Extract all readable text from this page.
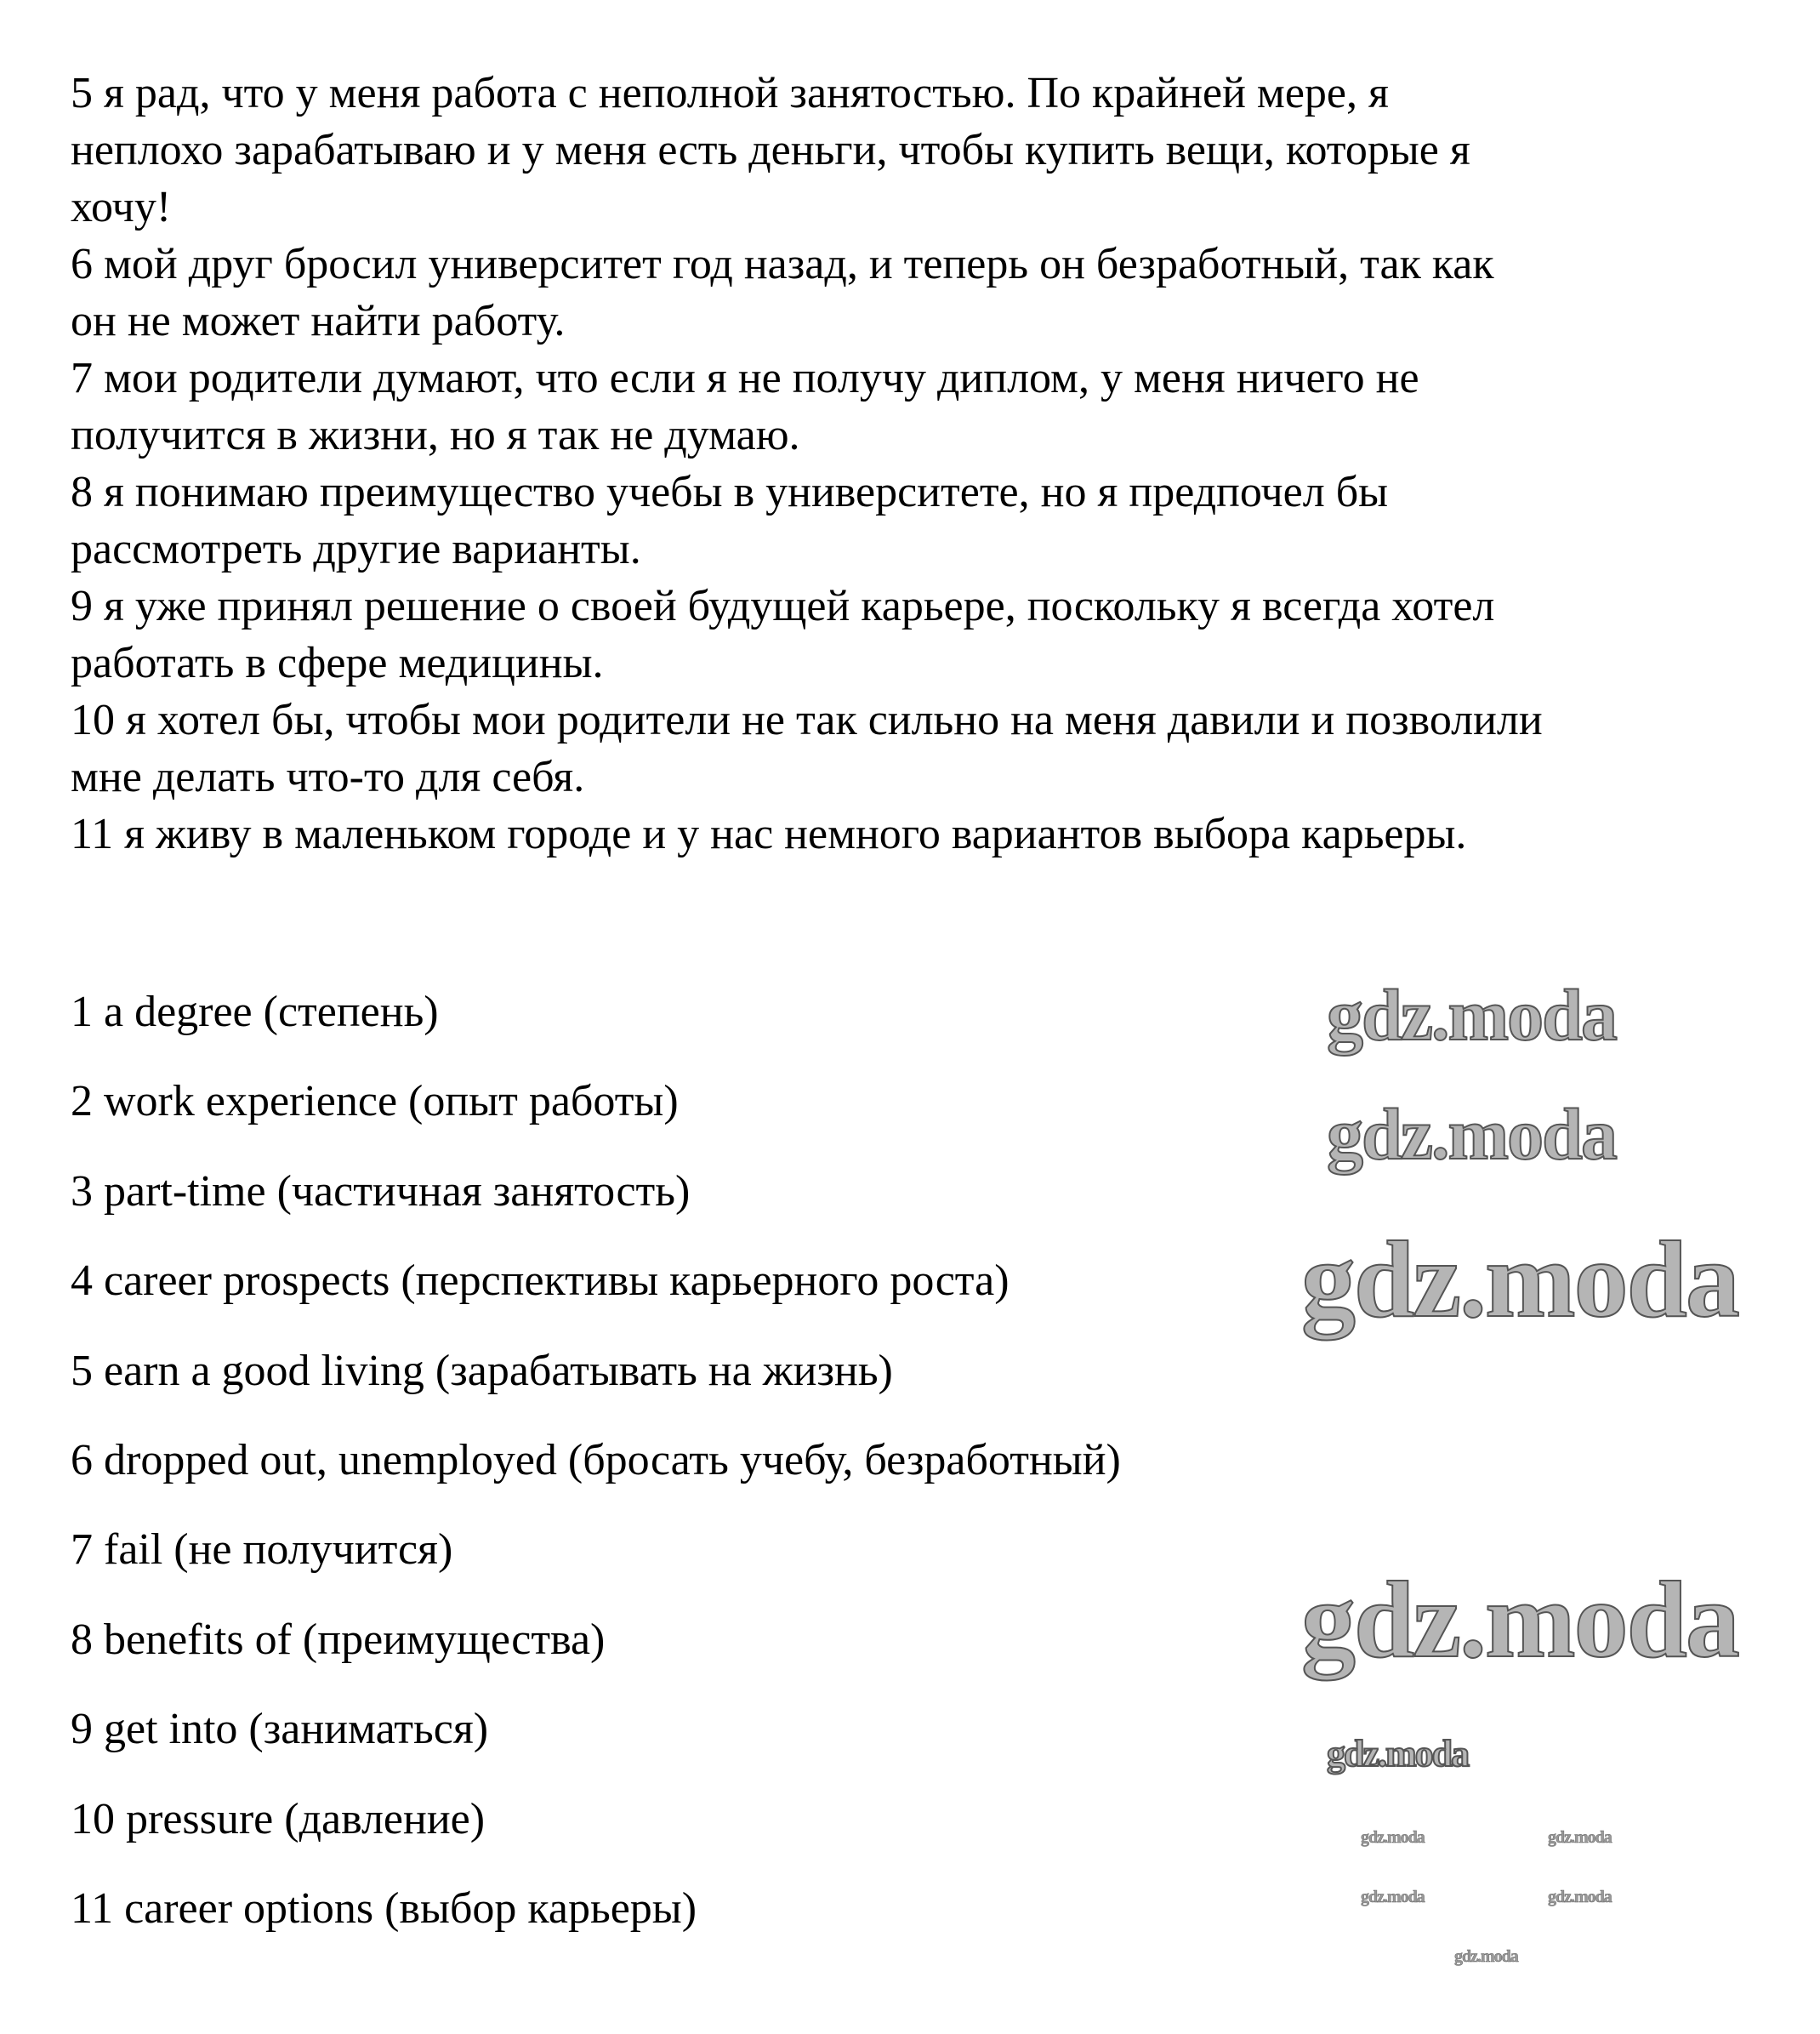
5 я рад, что у меня работа с неполной занятостью. По крайней мере, я
неплохо зарабатываю и у меня есть деньги, чтобы купить вещи, которые я
хочу!
6 мой друг бросил университет год назад, и теперь он безработный, так как
он не может найти работу.
7 мои родители думают, что если я не получу диплом, у меня ничего не
получится в жизни, но я так не думаю.
8 я понимаю преимущество учебы в университете, но я предпочел бы
рассмотреть другие варианты.
9 я уже принял решение о своей будущей карьере, поскольку я всегда хотел
работать в сфере медицины.
10 я хотел бы, чтобы мои родители не так сильно на меня давили и позволили
мне делать что-то для себя.
11 я живу в маленьком городе и у нас немного вариантов выбора карьеры.
1 a degree (степень)
2 work experience (опыт работы)
3 part-time (частичная занятость)
4 career prospects (перспективы карьерного роста)
5 earn a good living (зарабатывать на жизнь)
6 dropped out, unemployed (бросать учебу, безработный)
7 fail (не получится)
8 benefits of (преимущества)
9 get into (заниматься)
10 pressure (давление)
11 career options (выбор карьеры)
gdz.moda
gdz.moda
gdz.moda
gdz.moda
gdz.moda
gdz.moda	gdz.moda
gdz.moda	gdz.moda
gdz.moda
